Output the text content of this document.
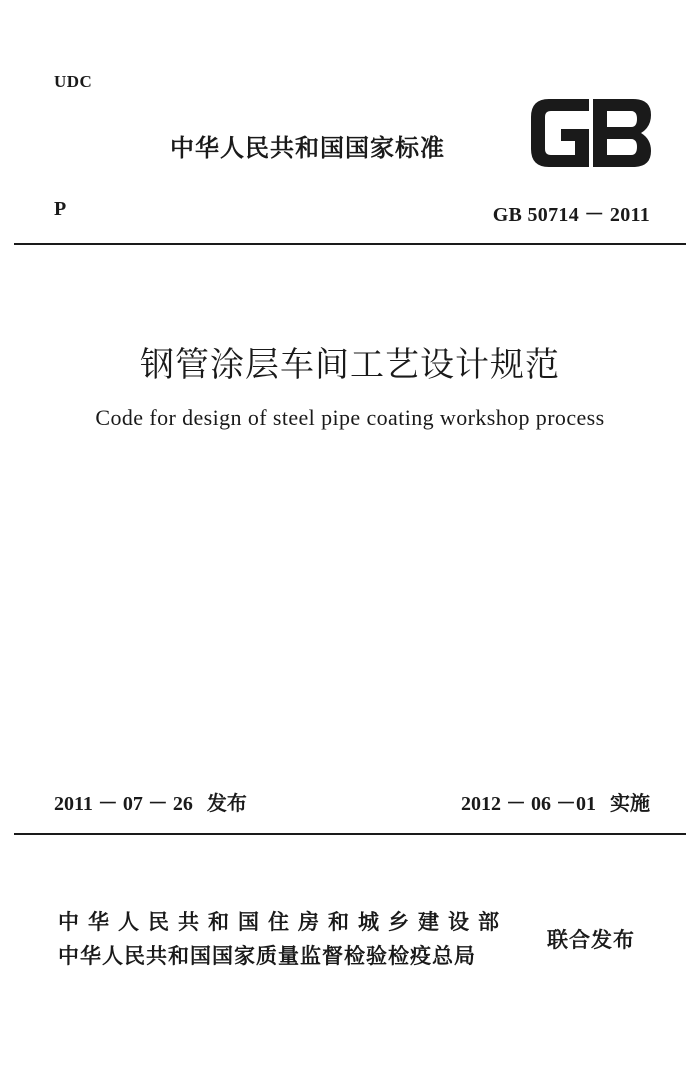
UDC
中华人民共和国国家标准
P	GB 50714 － 2011
钢管涂层车间工艺设计规范
Code for design of steel pipe coating workshop process
2011 － 07 － 26 发布	2012 － 06 －01 实施
中华人民共和国住房和城乡建设部
中华人民共和国国家质量监督检验检疫总局
联合发布
